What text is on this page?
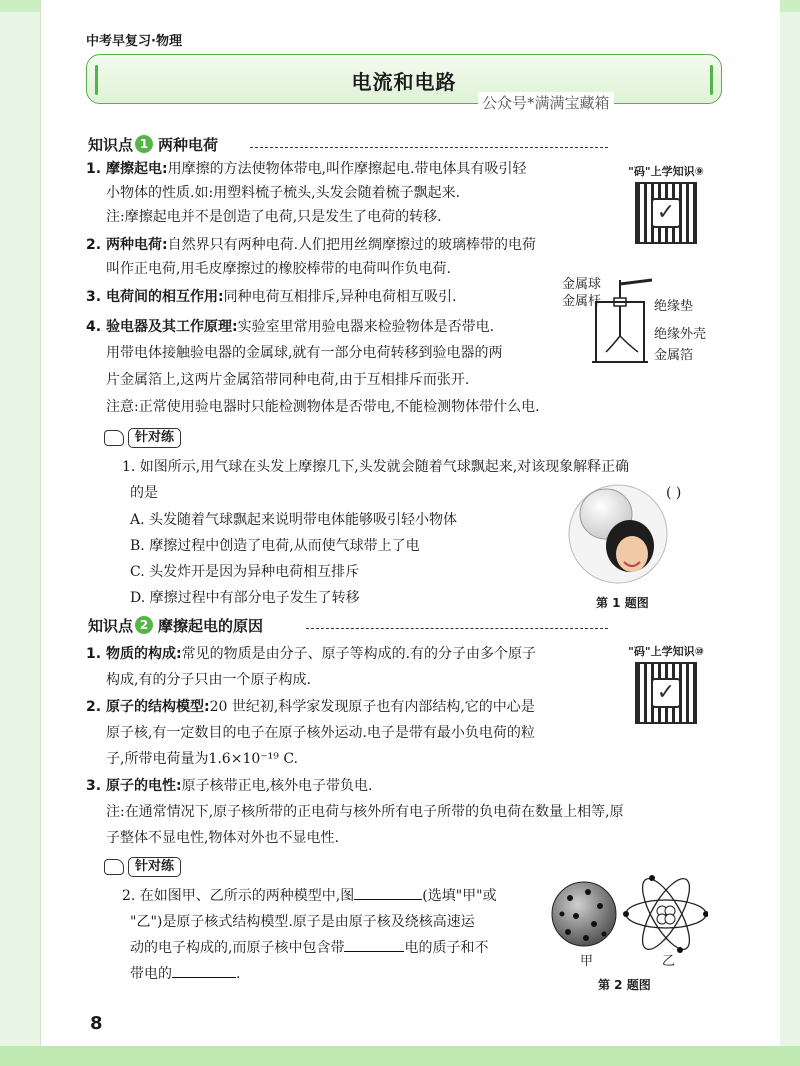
中考早复习·物理
电流和电路
公众号*满满宝藏箱
知识点 1 两种电荷
"码"上学知识⑨
✓
1. 摩擦起电:用摩擦的方法使物体带电,叫作摩擦起电.带电体具有吸引轻
小物体的性质.如:用塑料梳子梳头,头发会随着梳子飘起来.
注:摩擦起电并不是创造了电荷,只是发生了电荷的转移.
2. 两种电荷:自然界只有两种电荷.人们把用丝绸摩擦过的玻璃棒带的电荷
叫作正电荷,用毛皮摩擦过的橡胶棒带的电荷叫作负电荷.
3. 电荷间的相互作用:同种电荷互相排斥,异种电荷相互吸引.
4. 验电器及其工作原理:实验室里常用验电器来检验物体是否带电.
用带电体接触验电器的金属球,就有一部分电荷转移到验电器的两
片金属箔上,这两片金属箔带同种电荷,由于互相排斥而张开.
注意:正常使用验电器时只能检测物体是否带电,不能检测物体带什么电.
金属球
金属杆	绝缘垫
绝缘外壳
金属箔
针对练
1. 如图所示,用气球在头发上摩擦几下,头发就会随着气球飘起来,对该现象解释正确
的是	( )
A. 头发随着气球飘起来说明带电体能够吸引轻小物体
B. 摩擦过程中创造了电荷,从而使气球带上了电
C. 头发炸开是因为异种电荷相互排斥
D. 摩擦过程中有部分电子发生了转移	第 1 题图
知识点 2 摩擦起电的原因
"码"上学知识⑩
✓
1. 物质的构成:常见的物质是由分子、原子等构成的.有的分子由多个原子
构成,有的分子只由一个原子构成.
2. 原子的结构模型:20 世纪初,科学家发现原子也有内部结构,它的中心是
原子核,有一定数目的电子在原子核外运动.电子是带有最小负电荷的粒
子,所带电荷量为1.6×10⁻¹⁹ C.
3. 原子的电性:原子核带正电,核外电子带负电.
注:在通常情况下,原子核所带的正电荷与核外所有电子所带的负电荷在数量上相等,原
子整体不显电性,物体对外也不显电性.
针对练
2. 在如图甲、乙所示的两种模型中,图	(选填"甲"或
"乙")是原子核式结构模型.原子是由原子核及绕核高速运
动的电子构成的,而原子核中包含带	电的质子和不
带电的	.
甲	乙
第 2 题图
8
